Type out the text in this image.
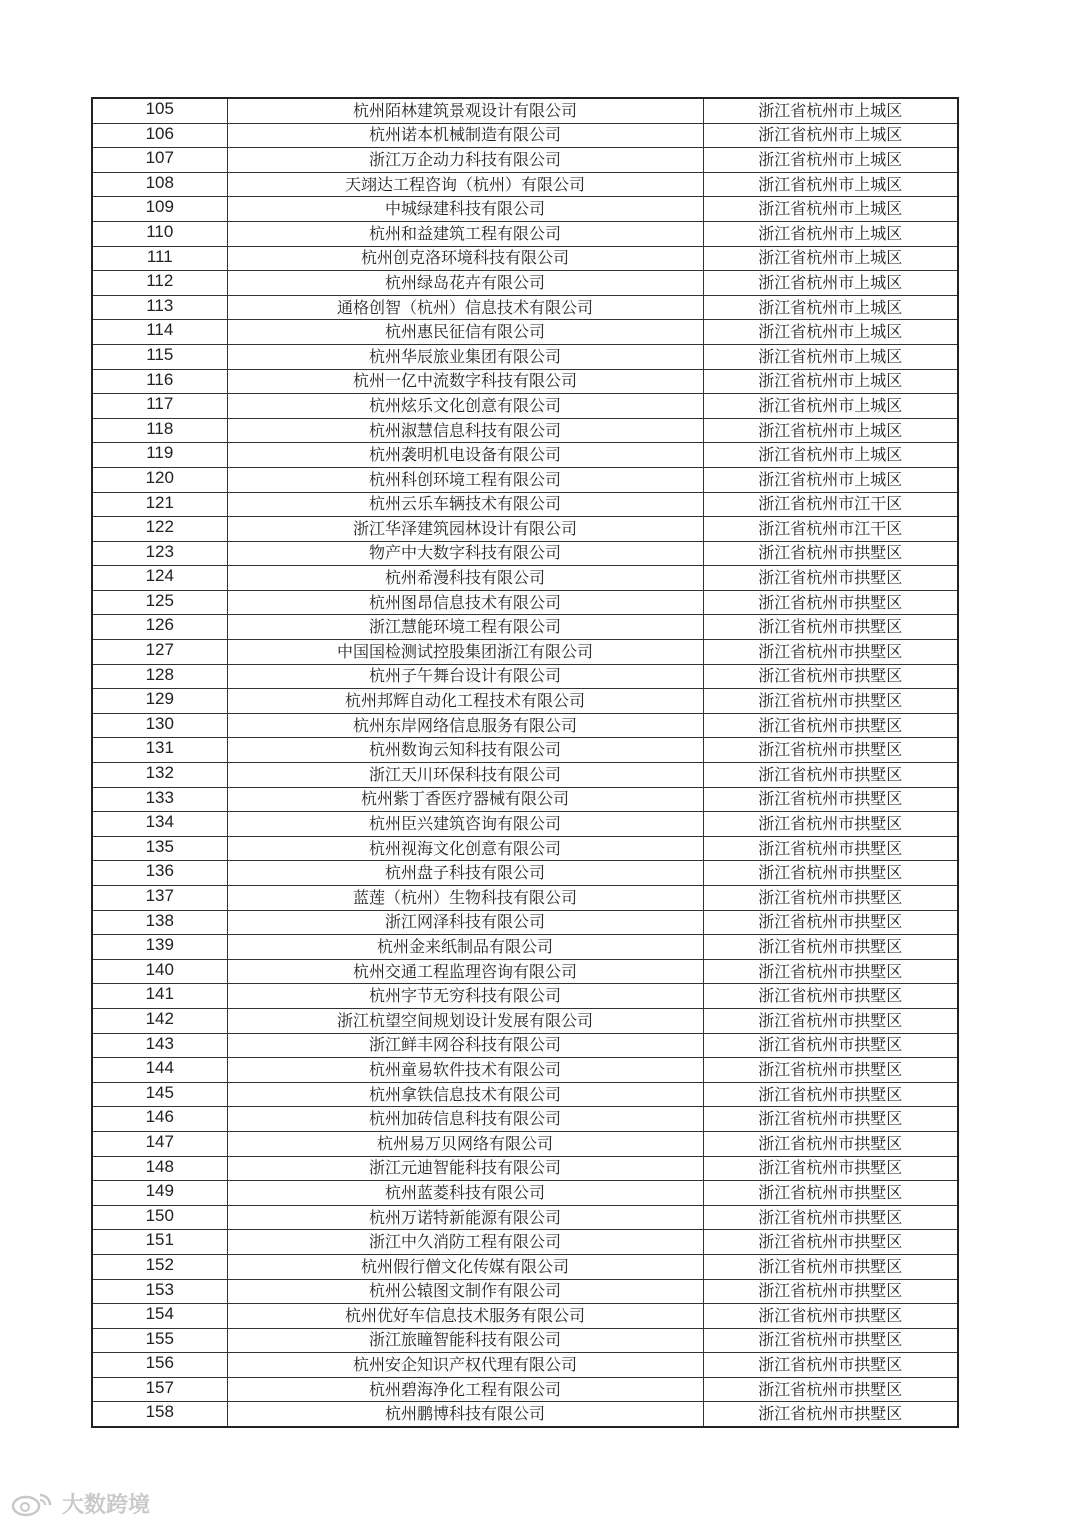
105	杭州陌林建筑景观设计有限公司	浙江省杭州市上城区
106	杭州诺本机械制造有限公司	浙江省杭州市上城区
107	浙江万企动力科技有限公司	浙江省杭州市上城区
108	天翊达工程咨询（杭州）有限公司	浙江省杭州市上城区
109	中城绿建科技有限公司	浙江省杭州市上城区
110	杭州和益建筑工程有限公司	浙江省杭州市上城区
111	杭州创克洛环境科技有限公司	浙江省杭州市上城区
112	杭州绿岛花卉有限公司	浙江省杭州市上城区
113	通格创智（杭州）信息技术有限公司	浙江省杭州市上城区
114	杭州惠民征信有限公司	浙江省杭州市上城区
115	杭州华辰旅业集团有限公司	浙江省杭州市上城区
116	杭州一亿中流数字科技有限公司	浙江省杭州市上城区
117	杭州炫乐文化创意有限公司	浙江省杭州市上城区
118	杭州淑慧信息科技有限公司	浙江省杭州市上城区
119	杭州袭明机电设备有限公司	浙江省杭州市上城区
120	杭州科创环境工程有限公司	浙江省杭州市上城区
121	杭州云乐车辆技术有限公司	浙江省杭州市江干区
122	浙江华泽建筑园林设计有限公司	浙江省杭州市江干区
123	物产中大数字科技有限公司	浙江省杭州市拱墅区
124	杭州希漫科技有限公司	浙江省杭州市拱墅区
125	杭州图昂信息技术有限公司	浙江省杭州市拱墅区
126	浙江慧能环境工程有限公司	浙江省杭州市拱墅区
127	中国国检测试控股集团浙江有限公司	浙江省杭州市拱墅区
128	杭州子午舞台设计有限公司	浙江省杭州市拱墅区
129	杭州邦辉自动化工程技术有限公司	浙江省杭州市拱墅区
130	杭州东岸网络信息服务有限公司	浙江省杭州市拱墅区
131	杭州数询云知科技有限公司	浙江省杭州市拱墅区
132	浙江天川环保科技有限公司	浙江省杭州市拱墅区
133	杭州紫丁香医疗器械有限公司	浙江省杭州市拱墅区
134	杭州臣兴建筑咨询有限公司	浙江省杭州市拱墅区
135	杭州视海文化创意有限公司	浙江省杭州市拱墅区
136	杭州盘子科技有限公司	浙江省杭州市拱墅区
137	蓝莲（杭州）生物科技有限公司	浙江省杭州市拱墅区
138	浙江网泽科技有限公司	浙江省杭州市拱墅区
139	杭州金来纸制品有限公司	浙江省杭州市拱墅区
140	杭州交通工程监理咨询有限公司	浙江省杭州市拱墅区
141	杭州字节无穷科技有限公司	浙江省杭州市拱墅区
142	浙江杭望空间规划设计发展有限公司	浙江省杭州市拱墅区
143	浙江鲜丰网谷科技有限公司	浙江省杭州市拱墅区
144	杭州童易软件技术有限公司	浙江省杭州市拱墅区
145	杭州拿铁信息技术有限公司	浙江省杭州市拱墅区
146	杭州加砖信息科技有限公司	浙江省杭州市拱墅区
147	杭州易万贝网络有限公司	浙江省杭州市拱墅区
148	浙江元迪智能科技有限公司	浙江省杭州市拱墅区
149	杭州蓝菱科技有限公司	浙江省杭州市拱墅区
150	杭州万诺特新能源有限公司	浙江省杭州市拱墅区
151	浙江中久消防工程有限公司	浙江省杭州市拱墅区
152	杭州假行僧文化传媒有限公司	浙江省杭州市拱墅区
153	杭州公辕图文制作有限公司	浙江省杭州市拱墅区
154	杭州优好车信息技术服务有限公司	浙江省杭州市拱墅区
155	浙江旅瞳智能科技有限公司	浙江省杭州市拱墅区
156	杭州安企知识产权代理有限公司	浙江省杭州市拱墅区
157	杭州碧海净化工程有限公司	浙江省杭州市拱墅区
158	杭州鹏博科技有限公司	浙江省杭州市拱墅区
大数跨境
